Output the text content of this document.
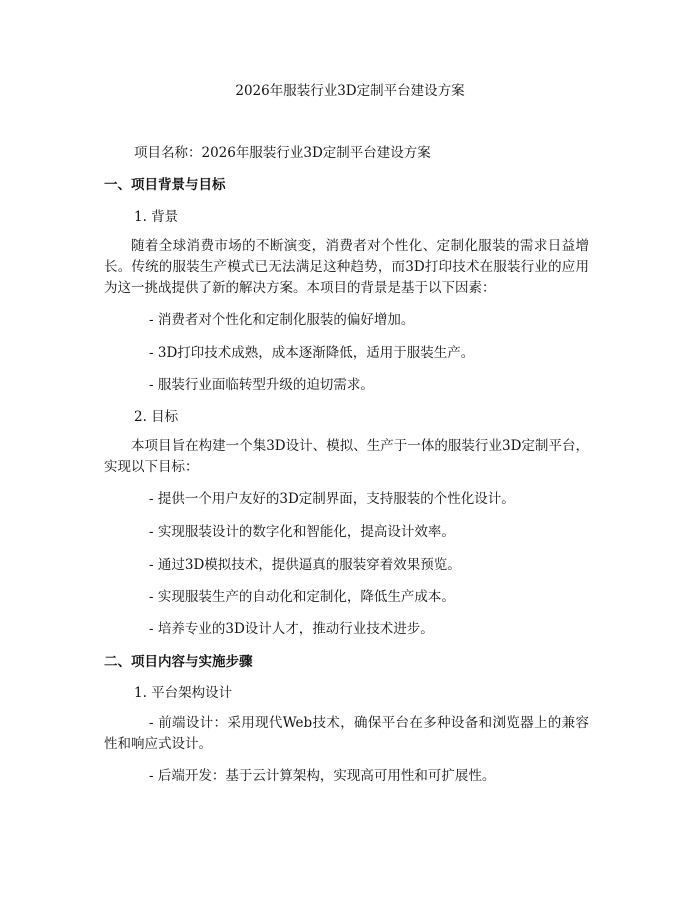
2026年服装行业3D定制平台建设方案

项目名称：2026年服装行业3D定制平台建设方案

一、项目背景与目标

1. 背景

随着全球消费市场的不断演变，消费者对个性化、定制化服装的需求日益增长。传统的服装生产模式已无法满足这种趋势，而3D打印技术在服装行业的应用为这一挑战提供了新的解决方案。本项目的背景是基于以下因素：

- 消费者对个性化和定制化服装的偏好增加。

- 3D打印技术成熟，成本逐渐降低，适用于服装生产。

- 服装行业面临转型升级的迫切需求。

2. 目标

本项目旨在构建一个集3D设计、模拟、生产于一体的服装行业3D定制平台，实现以下目标：

- 提供一个用户友好的3D定制界面，支持服装的个性化设计。

- 实现服装设计的数字化和智能化，提高设计效率。

- 通过3D模拟技术，提供逼真的服装穿着效果预览。

- 实现服装生产的自动化和定制化，降低生产成本。

- 培养专业的3D设计人才，推动行业技术进步。

二、项目内容与实施步骤

1. 平台架构设计

- 前端设计：采用现代Web技术，确保平台在多种设备和浏览器上的兼容性和响应式设计。

- 后端开发：基于云计算架构，实现高可用性和可扩展性。
